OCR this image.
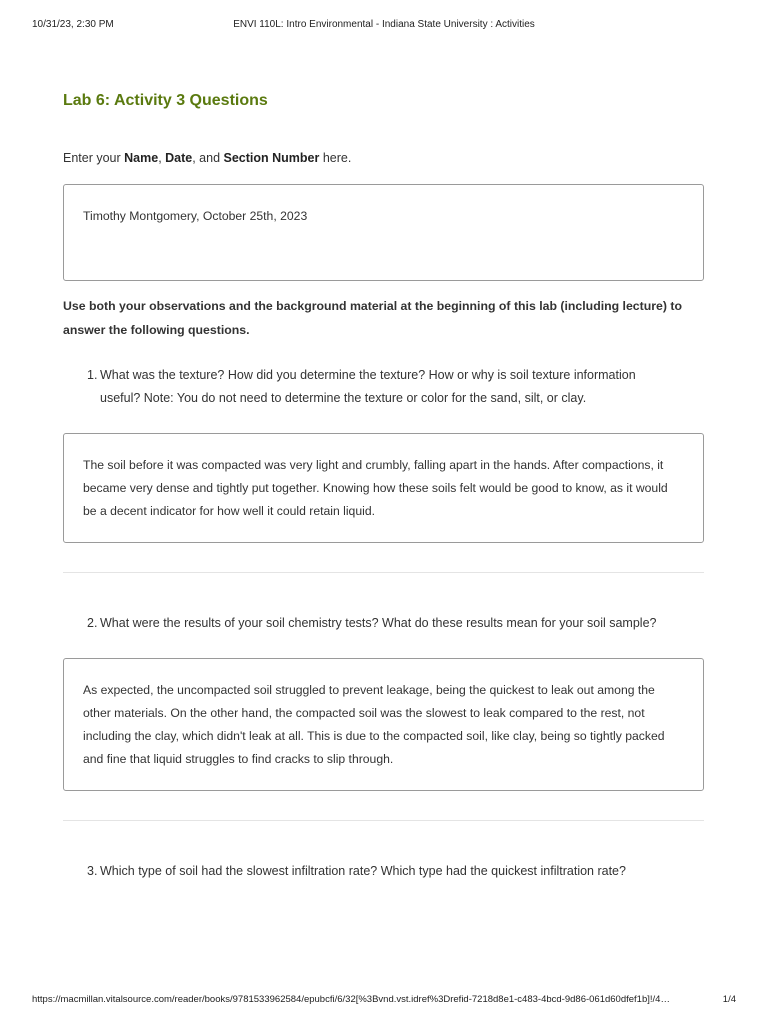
10/31/23, 2:30 PM	ENVI 110L: Intro Environmental - Indiana State University : Activities
Lab 6: Activity 3 Questions

Enter your Name, Date, and Section Number here.

Timothy Montgomery, October 25th, 2023

Use both your observations and the background material at the beginning of this lab (including lecture) to answer the following questions.

1. What was the texture? How did you determine the texture? How or why is soil texture information useful? Note: You do not need to determine the texture or color for the sand, silt, or clay.

The soil before it was compacted was very light and crumbly, falling apart in the hands. After compactions, it became very dense and tightly put together. Knowing how these soils felt would be good to know, as it would be a decent indicator for how well it could retain liquid.

2. What were the results of your soil chemistry tests? What do these results mean for your soil sample?

As expected, the uncompacted soil struggled to prevent leakage, being the quickest to leak out among the other materials. On the other hand, the compacted soil was the slowest to leak compared to the rest, not including the clay, which didn't leak at all. This is due to the compacted soil, like clay, being so tightly packed and fine that liquid struggles to find cracks to slip through.

3. Which type of soil had the slowest infiltration rate? Which type had the quickest infiltration rate?
https://macmillan.vitalsource.com/reader/books/9781533962584/epubcfi/6/32[%3Bvnd.vst.idref%3Drefid-7218d8e1-c483-4bcd-9d86-061d60dfef1b]!/4…	1/4
